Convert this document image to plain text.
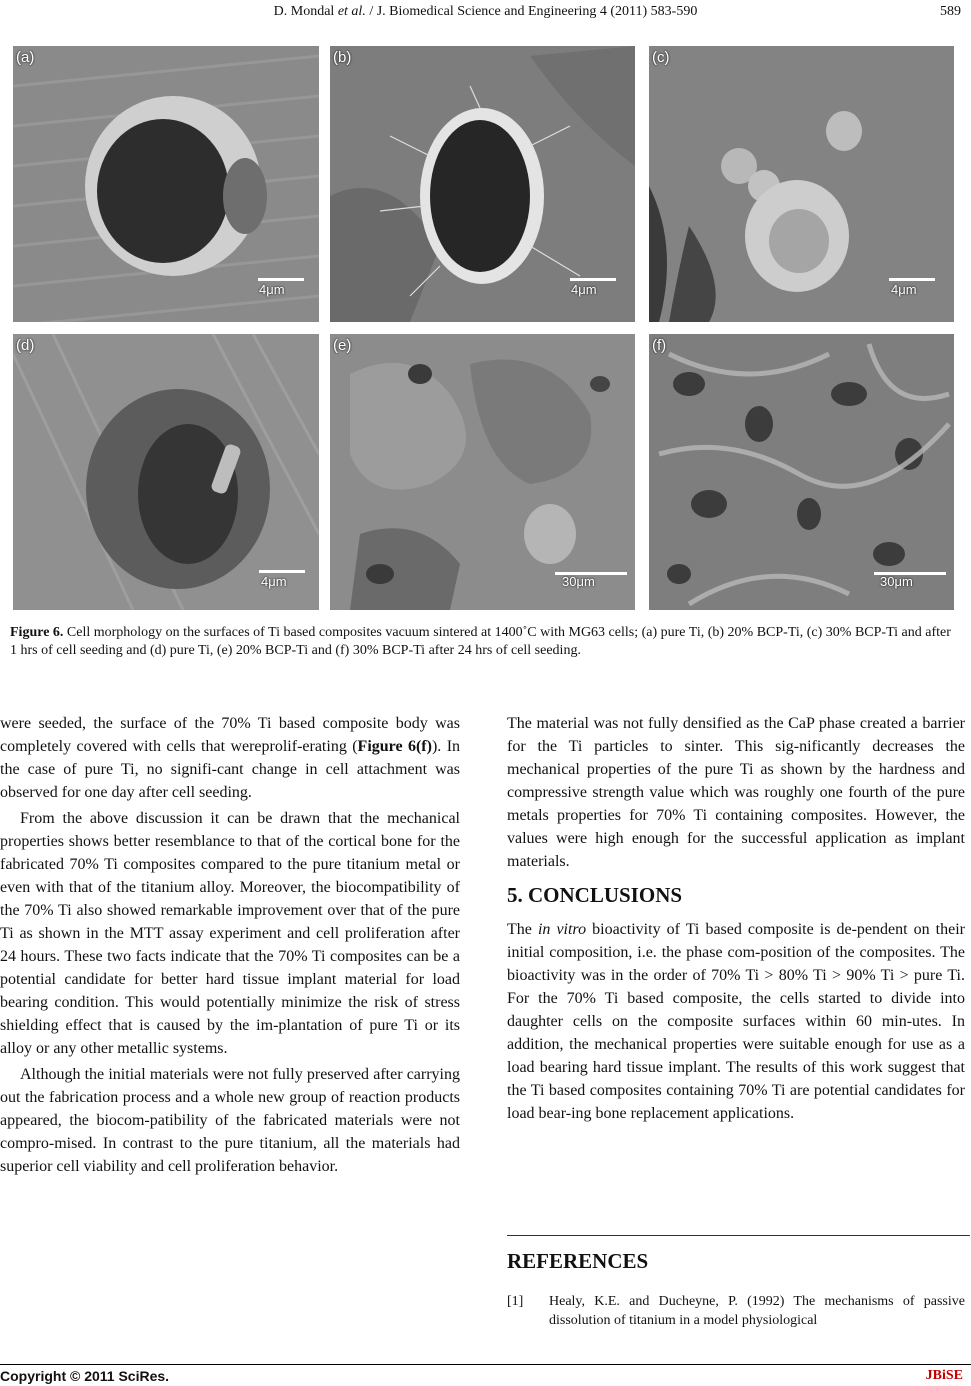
D. Mondal et al. / J. Biomedical Science and Engineering 4 (2011) 583-590	589
(a)
4μm
(b)
4μm
(c)
4μm
(d)
4μm
(e)
30μm
(f)
30μm
Figure 6. Cell morphology on the surfaces of Ti based composites vacuum sintered at 1400˚C with MG63 cells; (a) pure Ti, (b) 20% BCP-Ti, (c) 30% BCP-Ti and after 1 hrs of cell seeding and (d) pure Ti, (e) 20% BCP-Ti and (f) 30% BCP-Ti after 24 hrs of cell seeding.

were seeded, the surface of the 70% Ti based composite body was completely covered with cells that wereprolif-erating (Figure 6(f)). In the case of pure Ti, no signifi-cant change in cell attachment was observed for one day after cell seeding.

From the above discussion it can be drawn that the mechanical properties shows better resemblance to that of the cortical bone for the fabricated 70% Ti composites compared to the pure titanium metal or even with that of the titanium alloy. Moreover, the biocompatibility of the 70% Ti also showed remarkable improvement over that of the pure Ti as shown in the MTT assay experiment and cell proliferation after 24 hours. These two facts indicate that the 70% Ti composites can be a potential candidate for better hard tissue implant material for load bearing condition. This would potentially minimize the risk of stress shielding effect that is caused by the im-plantation of pure Ti or its alloy or any other metallic systems.

Although the initial materials were not fully preserved after carrying out the fabrication process and a whole new group of reaction products appeared, the biocom-patibility of the fabricated materials were not compro-mised. In contrast to the pure titanium, all the materials had superior cell viability and cell proliferation behavior.

The material was not fully densified as the CaP phase created a barrier for the Ti particles to sinter. This sig-nificantly decreases the mechanical properties of the pure Ti as shown by the hardness and compressive strength value which was roughly one fourth of the pure metals properties for 70% Ti containing composites. However, the values were high enough for the successful application as implant materials.

5. CONCLUSIONS

The in vitro bioactivity of Ti based composite is de-pendent on their initial composition, i.e. the phase com-position of the composites. The bioactivity was in the order of 70% Ti > 80% Ti > 90% Ti > pure Ti. For the 70% Ti based composite, the cells started to divide into daughter cells on the composite surfaces within 60 min-utes. In addition, the mechanical properties were suitable enough for use as a load bearing hard tissue implant. The results of this work suggest that the Ti based composites containing 70% Ti are potential candidates for load bear-ing bone replacement applications.

REFERENCES
[1] Healy, K.E. and Ducheyne, P. (1992) The mechanisms of passive dissolution of titanium in a model physiological
Copyright © 2011 SciRes.	JBiSE
